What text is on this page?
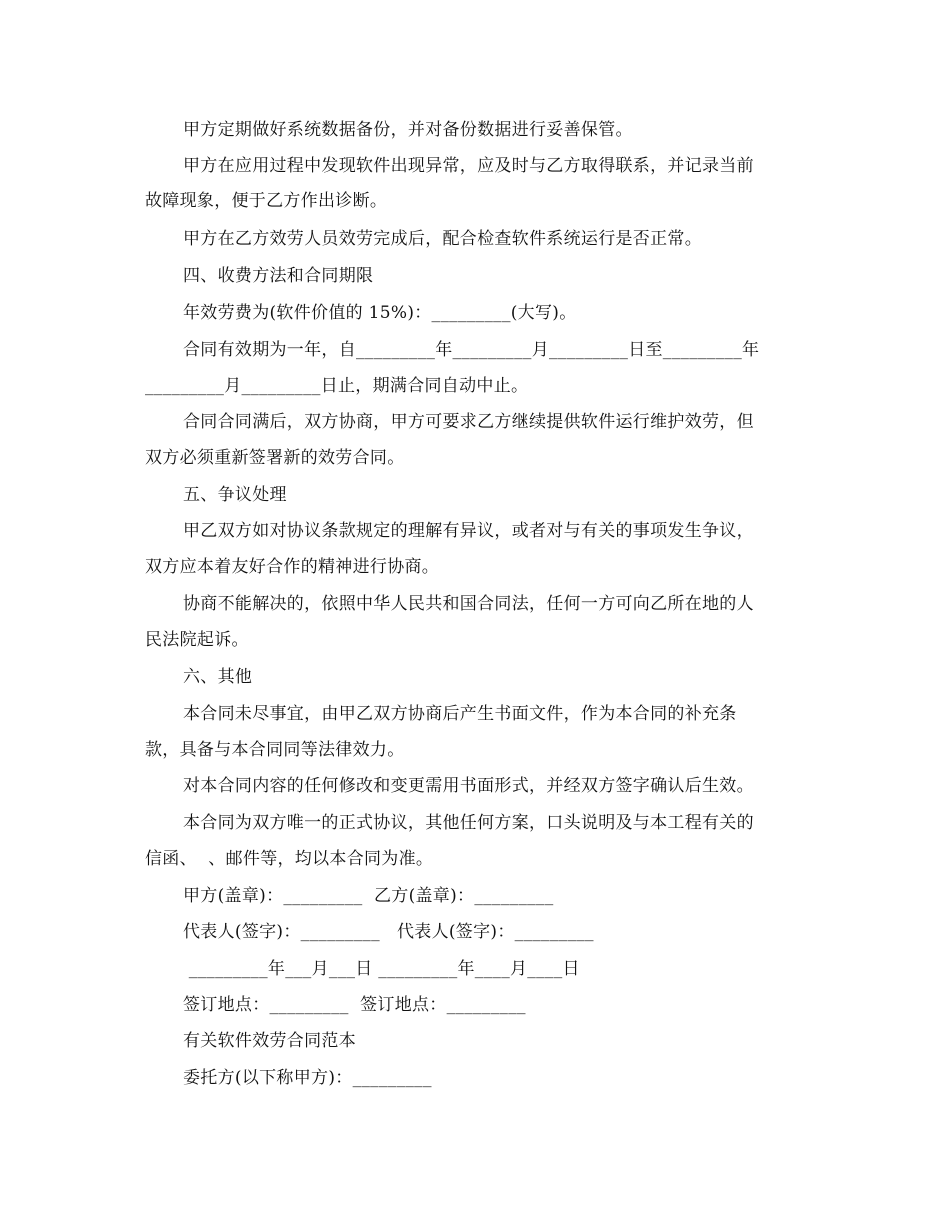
甲方定期做好系统数据备份，并对备份数据进行妥善保管。
甲方在应用过程中发现软件出现异常，应及时与乙方取得联系，并记录当前
故障现象，便于乙方作出诊断。
甲方在乙方效劳人员效劳完成后，配合检查软件系统运行是否正常。
四、收费方法和合同期限
年效劳费为(软件价值的 15%)：_________(大写)。
合同有效期为一年，自_________年_________月_________日至_________年
_________月_________日止，期满合同自动中止。
合同合同满后，双方协商，甲方可要求乙方继续提供软件运行维护效劳，但
双方必须重新签署新的效劳合同。
五、争议处理
甲乙双方如对协议条款规定的理解有异议，或者对与有关的事项发生争议，
双方应本着友好合作的精神进行协商。
协商不能解决的，依照中华人民共和国合同法，任何一方可向乙所在地的人
民法院起诉。
六、其他
本合同未尽事宜，由甲乙双方协商后产生书面文件，作为本合同的补充条
款，具备与本合同同等法律效力。
对本合同内容的任何修改和变更需用书面形式，并经双方签字确认后生效。
本合同为双方唯一的正式协议，其他任何方案，口头说明及与本工程有关的
信函、  、邮件等，均以本合同为准。
甲方(盖章)：_________  乙方(盖章)：_________
代表人(签字)：_________   代表人(签字)：_________
_________年___月___日 _________年____月____日
签订地点：_________  签订地点：_________
有关软件效劳合同范本
委托方(以下称甲方)：_________
